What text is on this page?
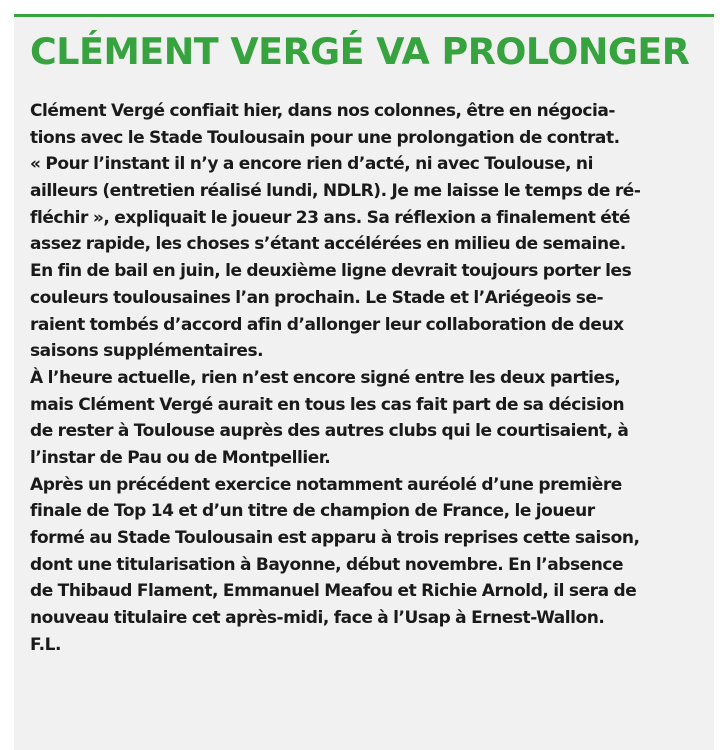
CLÉMENT VERGÉ VA PROLONGER

Clément Vergé confiait hier, dans nos colonnes, être en négocia-
tions avec le Stade Toulousain pour une prolongation de contrat.
« Pour l’instant il n’y a encore rien d’acté, ni avec Toulouse, ni
ailleurs (entretien réalisé lundi, NDLR). Je me laisse le temps de ré-
fléchir », expliquait le joueur 23 ans. Sa réflexion a finalement été
assez rapide, les choses s’étant accélérées en milieu de semaine.
En fin de bail en juin, le deuxième ligne devrait toujours porter les
couleurs toulousaines l’an prochain. Le Stade et l’Ariégeois se-
raient tombés d’accord afin d’allonger leur collaboration de deux
saisons supplémentaires.

À l’heure actuelle, rien n’est encore signé entre les deux parties,
mais Clément Vergé aurait en tous les cas fait part de sa décision
de rester à Toulouse auprès des autres clubs qui le courtisaient, à
l’instar de Pau ou de Montpellier.

Après un précédent exercice notamment auréolé d’une première
finale de Top 14 et d’un titre de champion de France, le joueur
formé au Stade Toulousain est apparu à trois reprises cette saison,
dont une titularisation à Bayonne, début novembre. En l’absence
de Thibaud Flament, Emmanuel Meafou et Richie Arnold, il sera de
nouveau titulaire cet après-midi, face à l’Usap à Ernest-Wallon.

F.L.
